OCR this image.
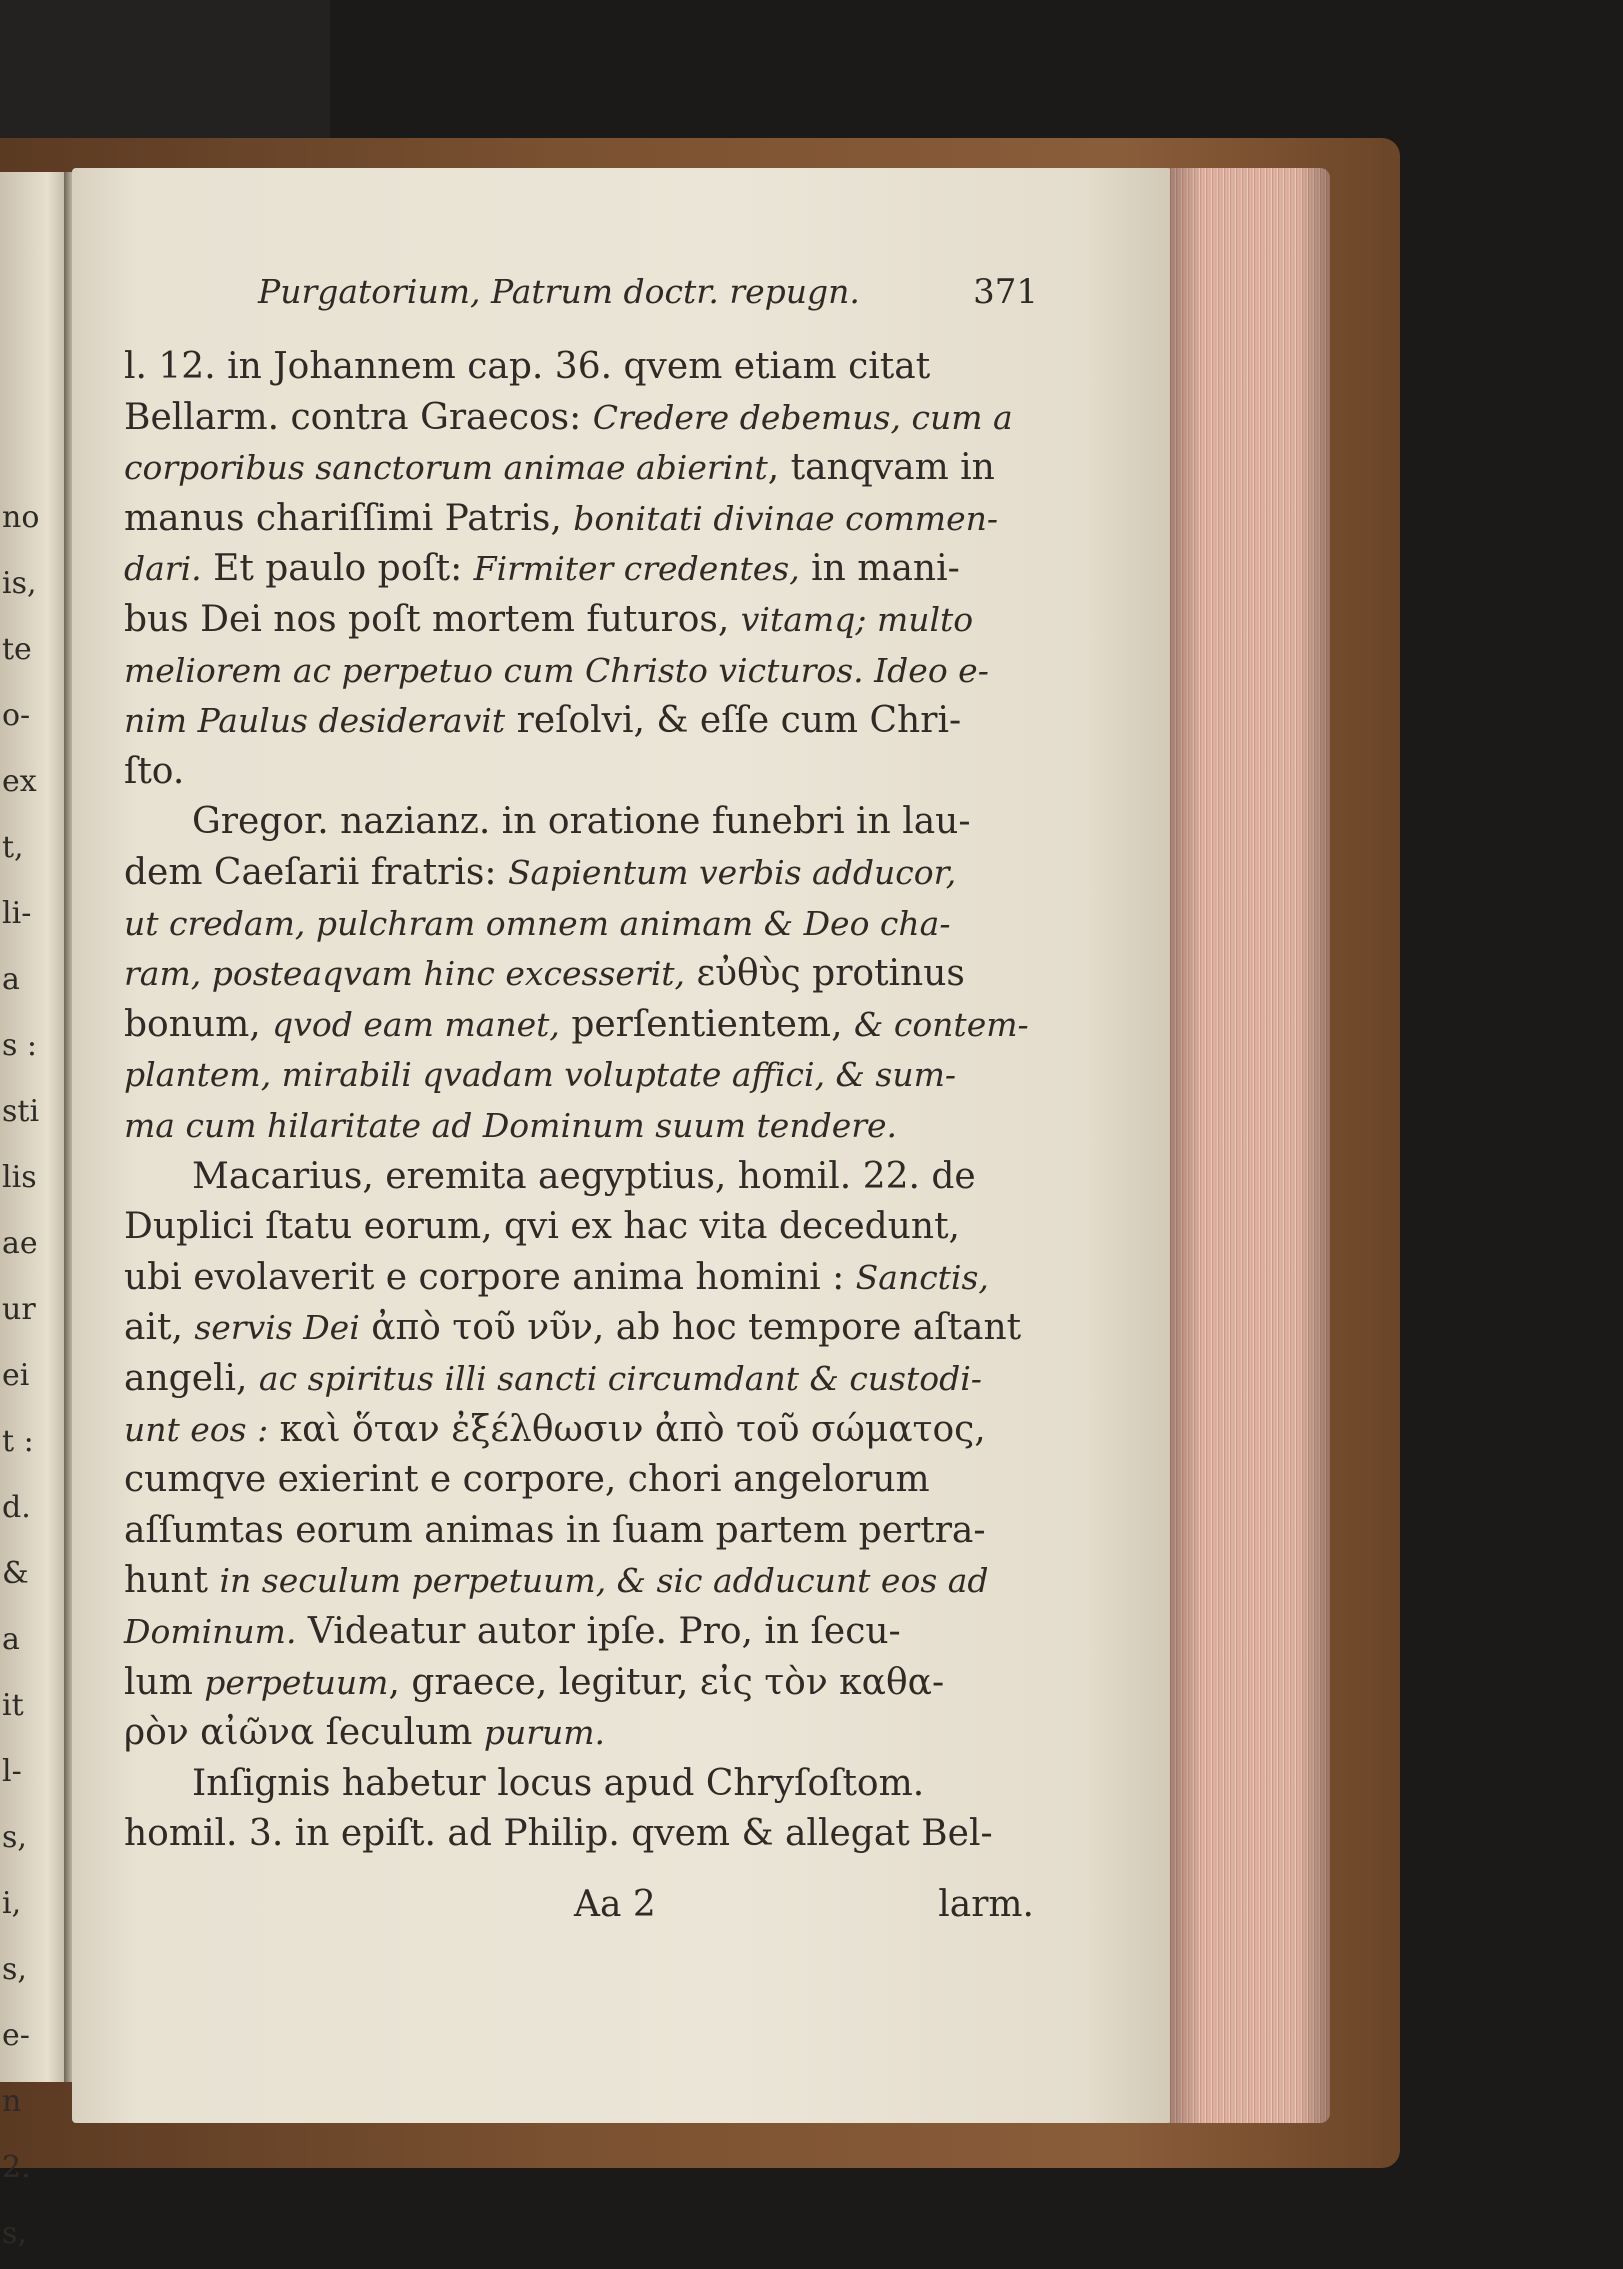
no
is,
te
o-
ex
t,
li-
a
s :
sti
lis
ae
ur
ei
t :
d.
&
a
it
l-
s,
i,
s,
e-
n
2.
s,
Purgatorium, Patrum doctr. repugn.	371
l. 12. in Johannem cap. 36. qvem etiam citat
Bellarm. contra Graecos: Credere debemus, cum a
corporibus sanctorum animae abierint, tanqvam in
manus chariſſimi Patris, bonitati divinae commen-
dari. Et paulo poſt: Firmiter credentes, in mani-
bus Dei nos poſt mortem futuros, vitamq; multo
meliorem ac perpetuo cum Christo victuros. Ideo e-
nim Paulus desideravit reſolvi, & eſſe cum Chri-
ſto.
Gregor. nazianz. in oratione funebri in lau-
dem Caeſarii fratris: Sapientum verbis adducor,
ut credam, pulchram omnem animam & Deo cha-
ram, posteaqvam hinc excesserit, εὐθὺς protinus
bonum, qvod eam manet, perſentientem, & contem-
plantem, mirabili qvadam voluptate affici, & sum-
ma cum hilaritate ad Dominum suum tendere.
Macarius, eremita aegyptius, homil. 22. de
Duplici ſtatu eorum, qvi ex hac vita decedunt,
ubi evolaverit e corpore anima homini : Sanctis,
ait, servis Dei ἀπὸ τοῦ νῦν, ab hoc tempore aſtant
angeli, ac spiritus illi sancti circumdant & custodi-
unt eos : καὶ ὅταν ἐξέλθωσιν ἀπὸ τοῦ σώματος,
cumqve exierint e corpore, chori angelorum
aſſumtas eorum animas in ſuam partem pertra-
hunt in seculum perpetuum, & sic adducunt eos ad
Dominum. Videatur autor ipſe. Pro, in ſecu-
lum perpetuum, graece, legitur, εἰς τὸν καθα-
ρὸν αἰῶνα ſeculum purum.
Inſignis habetur locus apud Chryſoſtom.
homil. 3. in epiſt. ad Philip. qvem & allegat Bel-
Aa 2	larm.
